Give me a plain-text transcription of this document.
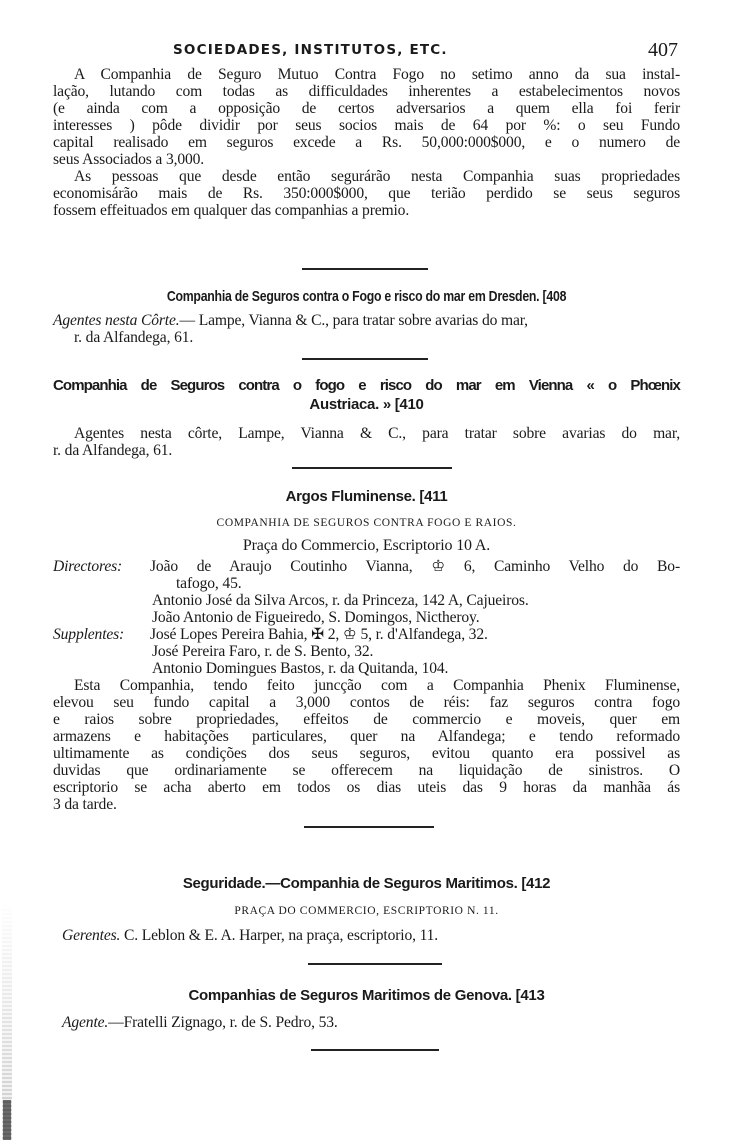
SOCIEDADES, INSTITUTOS, ETC.	407
A Companhia de Seguro Mutuo Contra Fogo no setimo anno da sua instal-
lação, lutando com todas as difficuldades inherentes a estabelecimentos novos
(e ainda com a opposição de certos adversarios a quem ella foi ferir
interesses ) pôde dividir por seus socios mais de 64 por %: o seu Fundo
capital realisado em seguros excede a Rs. 50,000:000$000, e o numero de
seus Associados a 3,000.
As pessoas que desde então segurárão nesta Companhia suas propriedades
economisárão mais de Rs. 350:000$000, que terião perdido se seus seguros
fossem effeituados em qualquer das companhias a premio.
Companhia de Seguros contra o Fogo e risco do mar em Dresden. [408
Agentes nesta Côrte.— Lampe, Vianna & C., para tratar sobre avarias do mar,
r. da Alfandega, 61.
Companhia de Seguros contra o fogo e risco do mar em Vienna « o Phœnix
Austriaca. » [410
Agentes nesta côrte, Lampe, Vianna & C., para tratar sobre avarias do mar,
r. da Alfandega, 61.
Argos Fluminense. [411
COMPANHIA DE SEGUROS CONTRA FOGO E RAIOS.
Praça do Commercio, Escriptorio 10 A.
Directores:	João de Araujo Coutinho Vianna, ♔ 6, Caminho Velho do Bo-
tafogo, 45.
Antonio José da Silva Arcos, r. da Princeza, 142 A, Cajueiros.
João Antonio de Figueiredo, S. Domingos, Nictheroy.
Supplentes:	José Lopes Pereira Bahia, ✠ 2, ♔ 5, r. d'Alfandega, 32.
José Pereira Faro, r. de S. Bento, 32.
Antonio Domingues Bastos, r. da Quitanda, 104.
Esta Companhia, tendo feito juncção com a Companhia Phenix Fluminense,
elevou seu fundo capital a 3,000 contos de réis: faz seguros contra fogo
e raios sobre propriedades, effeitos de commercio e moveis, quer em
armazens e habitações particulares, quer na Alfandega; e tendo reformado
ultimamente as condições dos seus seguros, evitou quanto era possivel as
duvidas que ordinariamente se offerecem na liquidação de sinistros. O
escriptorio se acha aberto em todos os dias uteis das 9 horas da manhãa ás
3 da tarde.
Seguridade.—Companhia de Seguros Maritimos. [412
PRAÇA DO COMMERCIO, ESCRIPTORIO N. 11.
Gerentes. C. Leblon & E. A. Harper, na praça, escriptorio, 11.
Companhias de Seguros Maritimos de Genova. [413
Agente.—Fratelli Zignago, r. de S. Pedro, 53.
